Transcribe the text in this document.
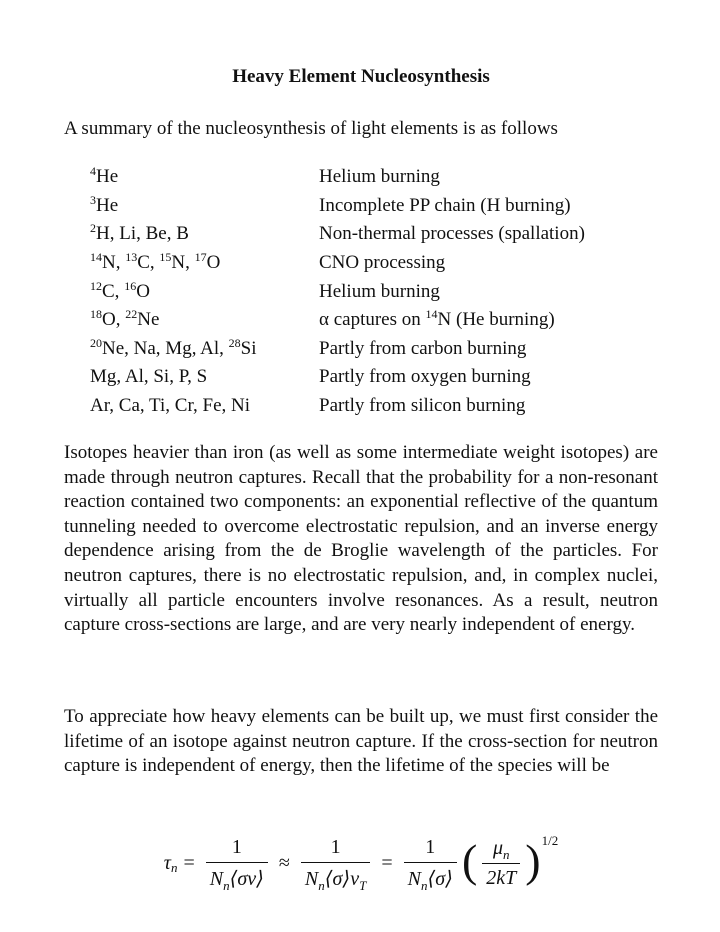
Heavy Element Nucleosynthesis
A summary of the nucleosynthesis of light elements is as follows
$^4$He	Helium burning
$^3$He	Incomplete PP chain (H burning)
$^2$H, Li, Be, B	Non-thermal processes (spallation)
$^{14}$N, $^{13}$C, $^{15}$N, $^{17}$O	CNO processing
$^{12}$C, $^{16}$O	Helium burning
$^{18}$O, $^{22}$Ne	α captures on $^{14}$N (He burning)
$^{20}$Ne, Na, Mg, Al, $^{28}$Si	Partly from carbon burning
Mg, Al, Si, P, S	Partly from oxygen burning
Ar, Ca, Ti, Cr, Fe, Ni	Partly from silicon burning
Isotopes heavier than iron (as well as some intermediate weight isotopes) are made through neutron captures. Recall that the probability for a non-resonant reaction contained two components: an exponential reflective of the quantum tunneling needed to overcome electrostatic repulsion, and an inverse energy dependence arising from the de Broglie wavelength of the particles. For neutron captures, there is no electrostatic repulsion, and, in complex nuclei, virtually all particle encounters involve resonances. As a result, neutron capture cross-sections are large, and are very nearly independent of energy.
To appreciate how heavy elements can be built up, we must first consider the lifetime of an isotope against neutron capture. If the cross-section for neutron capture is independent of energy, then the lifetime of the species will be
τ $n = \frac{1}{N_n⟨\sigma v⟩} \approx \frac{1}{N_n⟨\sigma⟩v_T} = \frac{1}{N_n⟨\sigma⟩}$ ( $\frac{\mu_n}{2kT}$ ) 1/2
